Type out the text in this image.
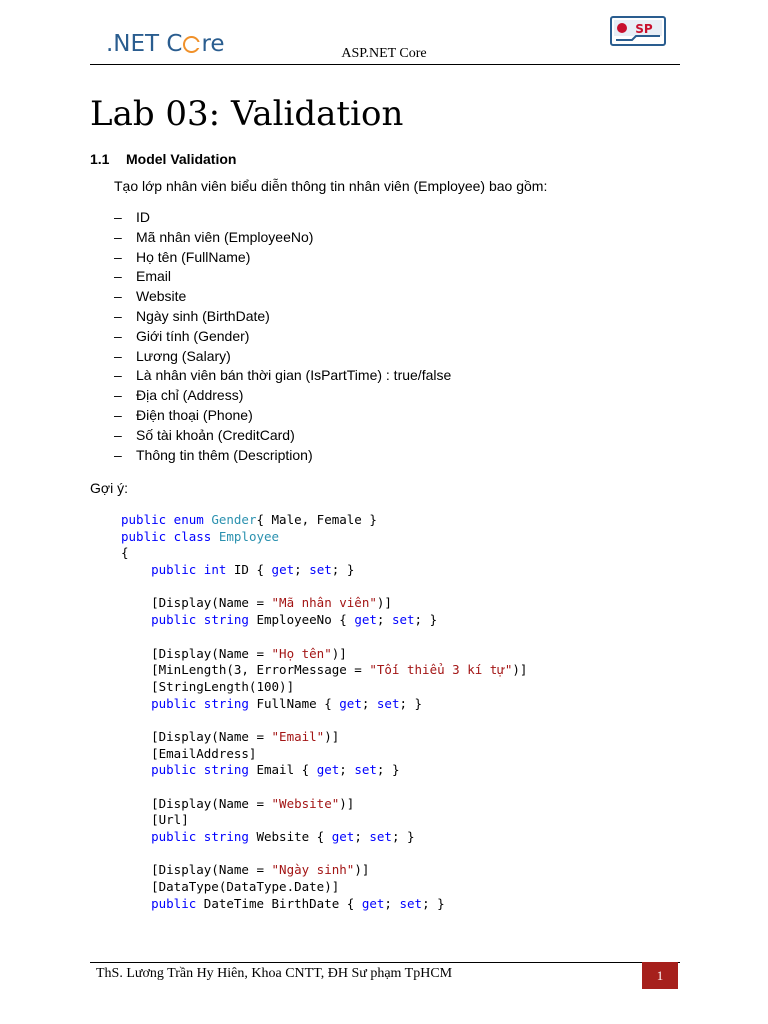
.NET C re	ASP.NET Core
SP
Lab 03: Validation
1.1 Model Validation
Tạo lớp nhân viên biểu diễn thông tin nhân viên (Employee) bao gồm:
– ID
– Mã nhân viên (EmployeeNo)
– Họ tên (FullName)
– Email
– Website
– Ngày sinh (BirthDate)
– Giới tính (Gender)
– Lương (Salary)
– Là nhân viên bán thời gian (IsPartTime) : true/false
– Địa chỉ (Address)
– Điện thoại (Phone)
– Số tài khoản (CreditCard)
– Thông tin thêm (Description)
Gợi ý:
public enum Gender{ Male, Female }
public class Employee
{
public int ID { get; set; }

[Display(Name = "Mã nhân viên")]
public string EmployeeNo { get; set; }

[Display(Name = "Họ tên")]
[MinLength(3, ErrorMessage = "Tối thiểu 3 kí tự")]
[StringLength(100)]
public string FullName { get; set; }

[Display(Name = "Email")]
[EmailAddress]
public string Email { get; set; }

[Display(Name = "Website")]
[Url]
public string Website { get; set; }

[Display(Name = "Ngày sinh")]
[DataType(DataType.Date)]
public DateTime BirthDate { get; set; }
ThS. Lương Trần Hy Hiên, Khoa CNTT, ĐH Sư phạm TpHCM	1
